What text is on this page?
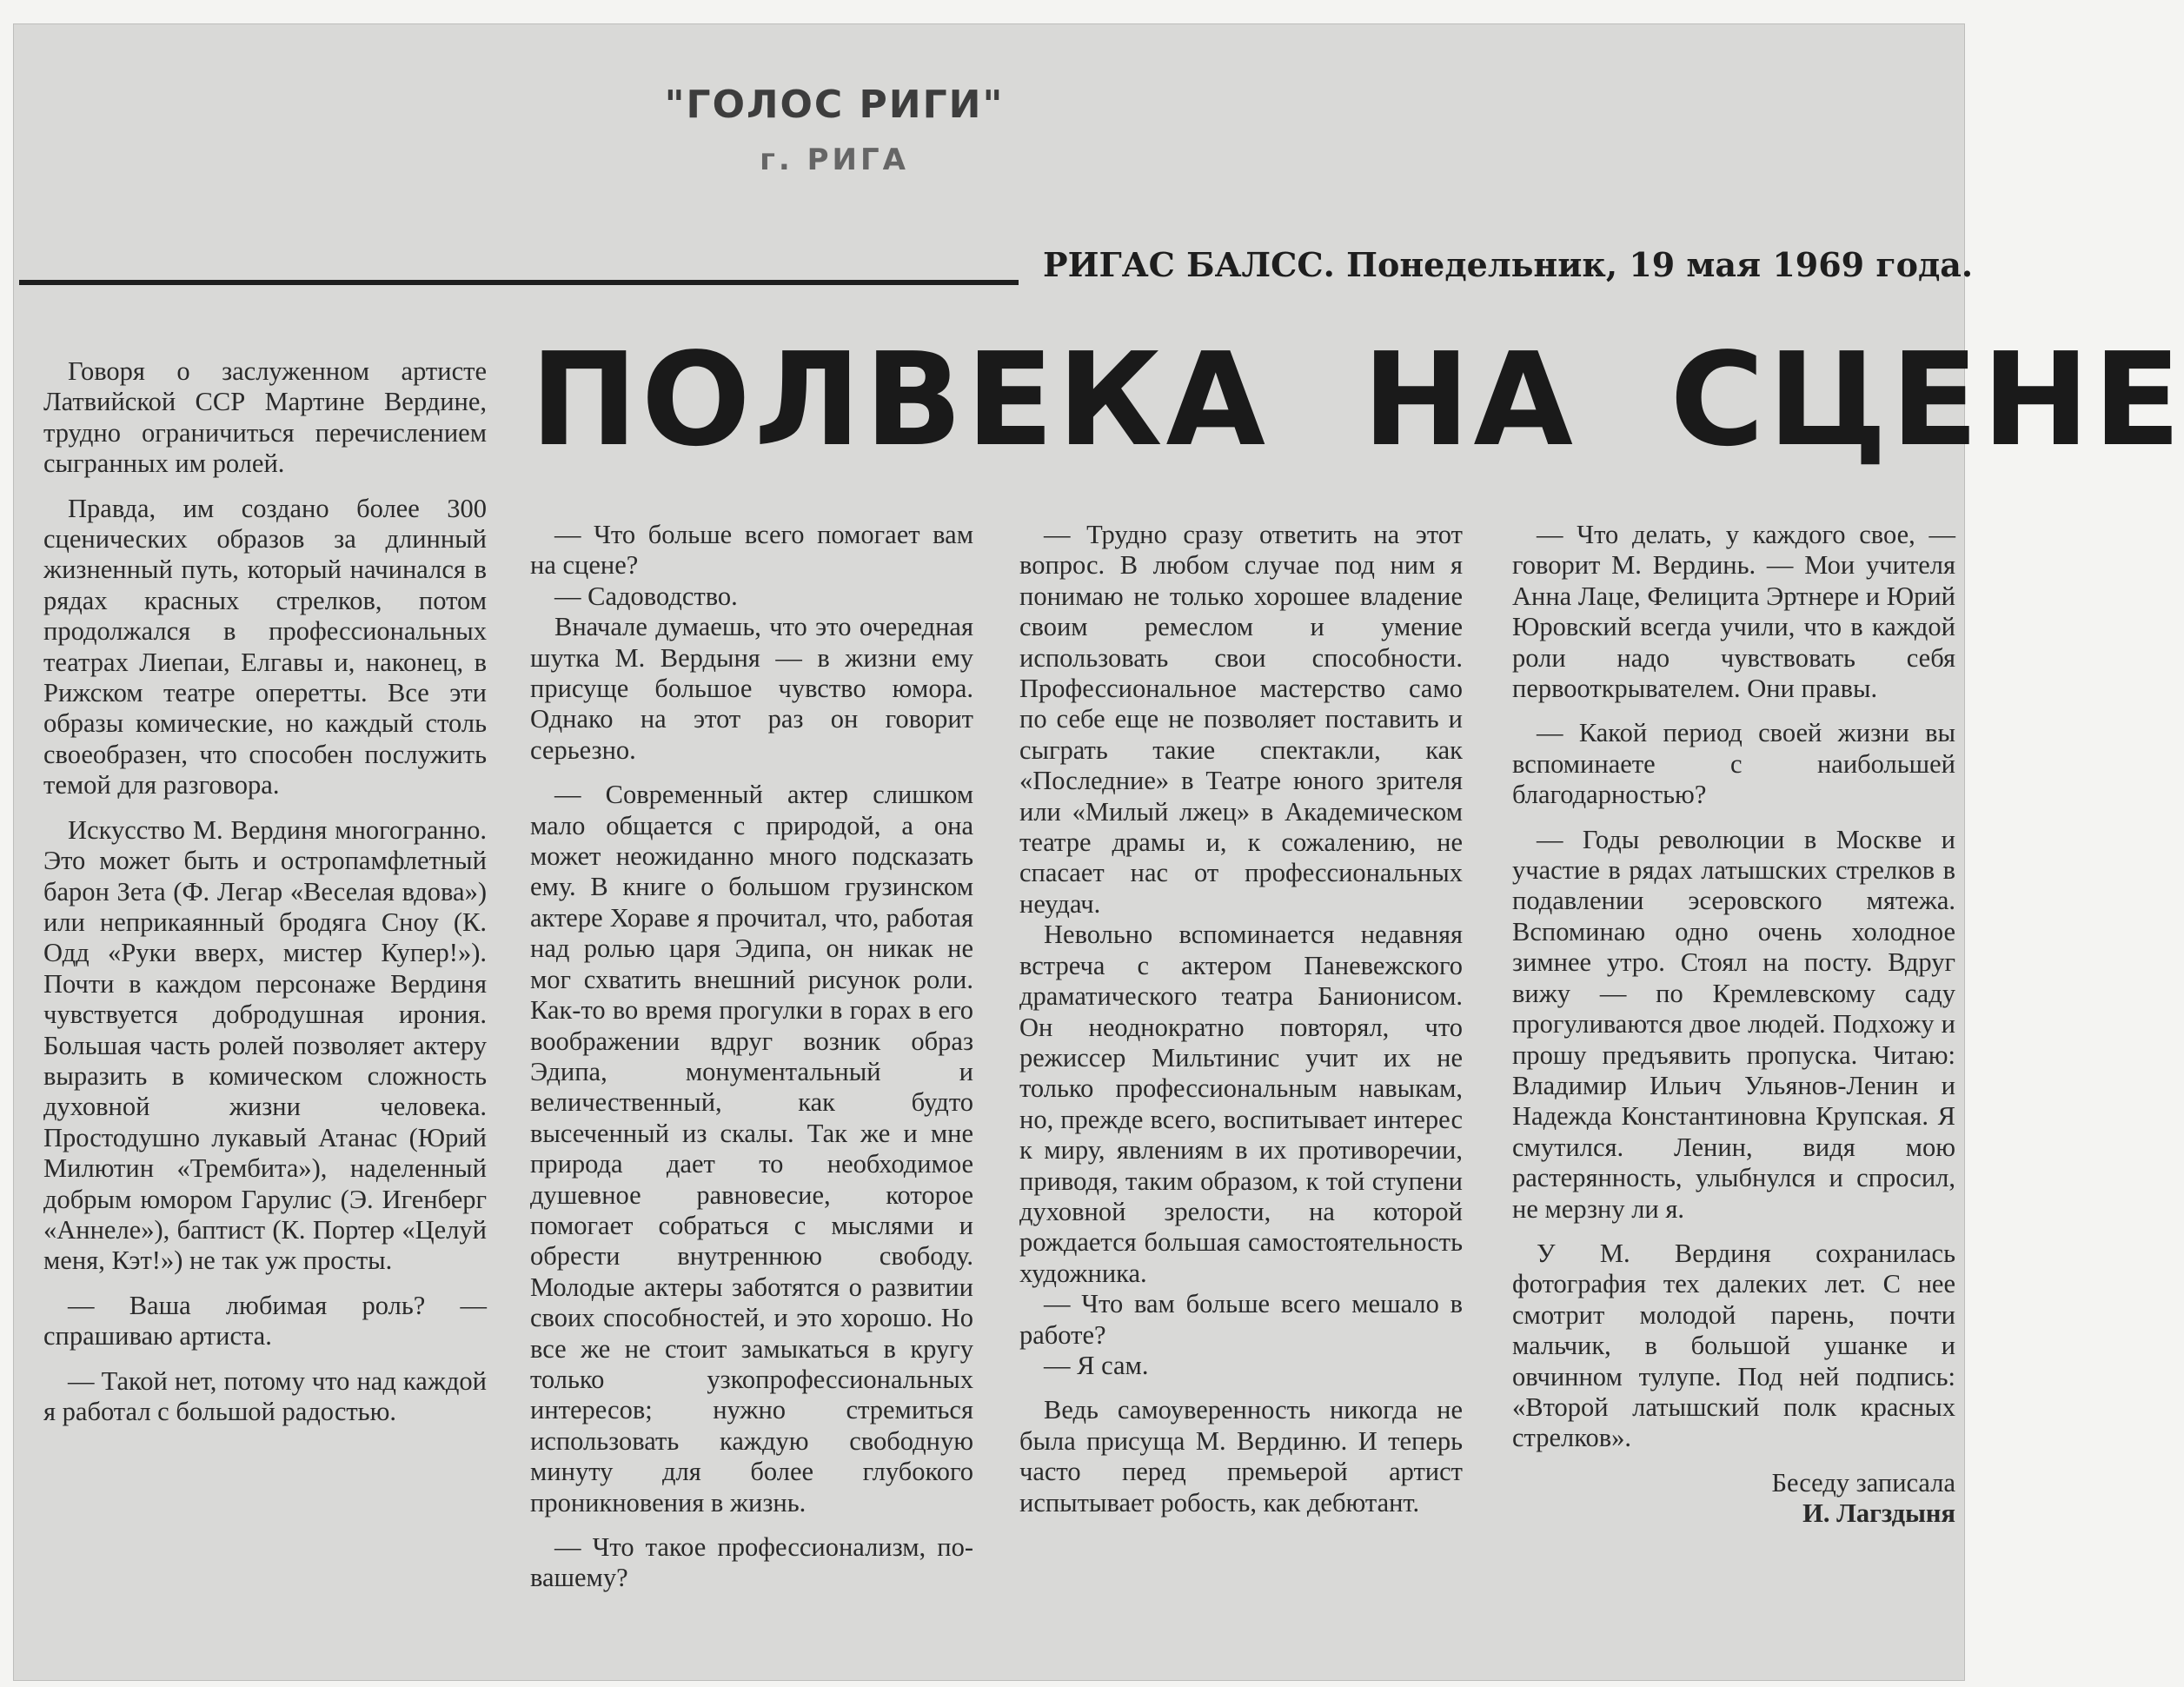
"ГОЛОС РИГИ"
г. РИГА
РИГАС БАЛСС. Понедельник, 19 мая 1969 года.
ПОЛВЕКА НА СЦЕНЕ

Говоря о заслуженном артисте Латвийской ССР Мартине Вердине, трудно ограничиться перечислением сыгранных им ролей.

Правда, им создано более 300 сценических образов за длинный жизненный путь, который начинался в рядах красных стрелков, потом продолжался в профессиональных театрах Лиепаи, Елгавы и, наконец, в Рижском театре оперетты. Все эти образы комические, но каждый столь своеобразен, что способен послужить темой для разговора.

Искусство М. Вердиня многогранно. Это может быть и остропамфлетный барон Зета (Ф. Легар «Веселая вдова») или неприкаянный бродяга Сноу (К. Одд «Руки вверх, мистер Купер!»). Почти в каждом персонаже Вердиня чувствуется добродушная ирония. Большая часть ролей позволяет актеру выразить в комическом сложность духовной жизни человека. Простодушно лукавый Атанас (Юрий Милютин «Трембита»), наделенный добрым юмором Гарулис (Э. Игенберг «Аннеле»), баптист (К. Портер «Целуй меня, Кэт!») не так уж просты.

— Ваша любимая роль? — спрашиваю артиста.

— Такой нет, потому что над каждой я работал с большой радостью.

— Что больше всего помогает вам на сцене?

— Садоводство.

Вначале думаешь, что это очередная шутка М. Вердыня — в жизни ему присуще большое чувство юмора. Однако на этот раз он говорит серьезно.

— Современный актер слишком мало общается с природой, а она может неожиданно много подсказать ему. В книге о большом грузинском актере Хораве я прочитал, что, работая над ролью царя Эдипа, он никак не мог схватить внешний рисунок роли. Как-то во время прогулки в горах в его воображении вдруг возник образ Эдипа, монументальный и величественный, как будто высеченный из скалы. Так же и мне природа дает то необходимое душевное равновесие, которое помогает собраться с мыслями и обрести внутреннюю свободу. Молодые актеры заботятся о развитии своих способностей, и это хорошо. Но все же не стоит замыкаться в кругу только узкопрофессиональных интересов; нужно стремиться использовать каждую свободную минуту для более глубокого проникновения в жизнь.

— Что такое профессионализм, по-вашему?

— Трудно сразу ответить на этот вопрос. В любом случае под ним я понимаю не только хорошее владение своим ремеслом и умение использовать свои способности. Профессиональное мастерство само по себе еще не позволяет поставить и сыграть такие спектакли, как «Последние» в Театре юного зрителя или «Милый лжец» в Академическом театре драмы и, к сожалению, не спасает нас от профессиональных неудач.

Невольно вспоминается недавняя встреча с актером Паневежского драматического театра Банионисом. Он неоднократно повторял, что режиссер Мильтинис учит их не только профессиональным навыкам, но, прежде всего, воспитывает интерес к миру, явлениям в их противоречии, приводя, таким образом, к той ступени духовной зрелости, на которой рождается большая самостоятельность художника.

— Что вам больше всего мешало в работе?

— Я сам.

Ведь самоуверенность никогда не была присуща М. Вердиню. И теперь часто перед премьерой артист испытывает робость, как дебютант.

— Что делать, у каждого свое, — говорит М. Вердинь. — Мои учителя Анна Лаце, Фелицита Эртнере и Юрий Юровский всегда учили, что в каждой роли надо чувствовать себя первооткрывателем. Они правы.

— Какой период своей жизни вы вспоминаете с наибольшей благодарностью?

— Годы революции в Москве и участие в рядах латышских стрелков в подавлении эсеровского мятежа. Вспоминаю одно очень холодное зимнее утро. Стоял на посту. Вдруг вижу — по Кремлевскому саду прогуливаются двое людей. Подхожу и прошу предъявить пропуска. Читаю: Владимир Ильич Ульянов-Ленин и Надежда Константиновна Крупская. Я смутился. Ленин, видя мою растерянность, улыбнулся и спросил, не мерзну ли я.

У М. Вердиня сохранилась фотография тех далеких лет. С нее смотрит молодой парень, почти мальчик, в большой ушанке и овчинном тулупе. Под ней подпись: «Второй латышский полк красных стрелков».

Беседу записала
И. Лагздыня
